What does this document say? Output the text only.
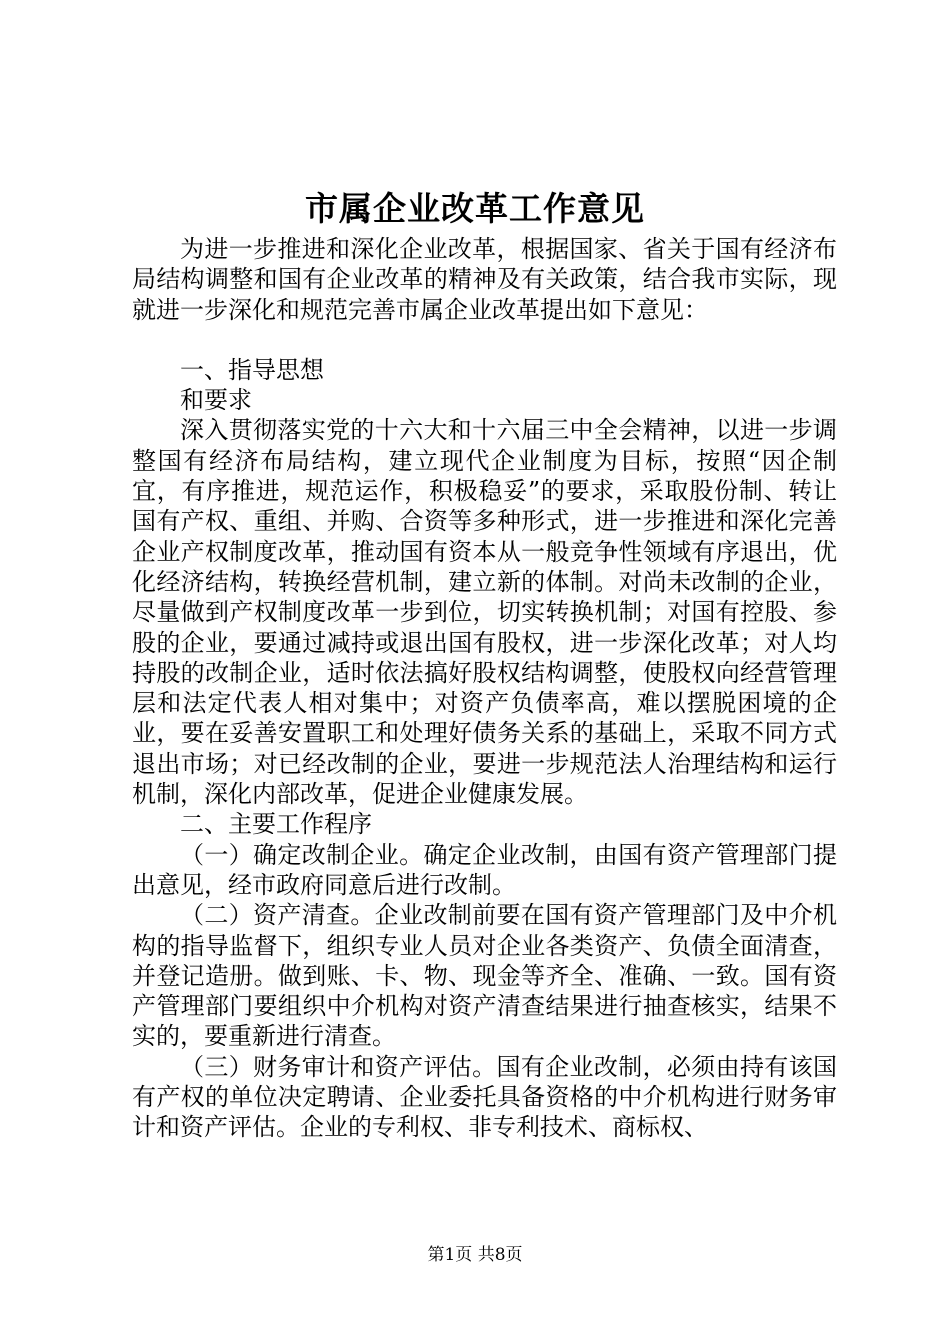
市属企业改革工作意见

为进一步推进和深化企业改革，根据国家、省关于国有经济布局结构调整和国有企业改革的精神及有关政策，结合我市实际，现就进一步深化和规范完善市属企业改革提出如下意见：

一、指导思想

和要求

深入贯彻落实党的十六大和十六届三中全会精神，以进一步调整国有经济布局结构，建立现代企业制度为目标，按照“因企制宜，有序推进，规范运作，积极稳妥”的要求，采取股份制、转让国有产权、重组、并购、合资等多种形式，进一步推进和深化完善企业产权制度改革，推动国有资本从一般竞争性领域有序退出，优化经济结构，转换经营机制，建立新的体制。对尚未改制的企业，尽量做到产权制度改革一步到位，切实转换机制；对国有控股、参股的企业，要通过减持或退出国有股权，进一步深化改革；对人均持股的改制企业，适时依法搞好股权结构调整，使股权向经营管理层和法定代表人相对集中；对资产负债率高，难以摆脱困境的企业，要在妥善安置职工和处理好债务关系的基础上，采取不同方式退出市场；对已经改制的企业，要进一步规范法人治理结构和运行机制，深化内部改革，促进企业健康发展。

二、主要工作程序

（一）确定改制企业。确定企业改制，由国有资产管理部门提出意见，经市政府同意后进行改制。

（二）资产清查。企业改制前要在国有资产管理部门及中介机构的指导监督下，组织专业人员对企业各类资产、负债全面清查，并登记造册。做到账、卡、物、现金等齐全、准确、一致。国有资产管理部门要组织中介机构对资产清查结果进行抽查核实，结果不实的，要重新进行清查。

（三）财务审计和资产评估。国有企业改制，必须由持有该国有产权的单位决定聘请、企业委托具备资格的中介机构进行财务审计和资产评估。企业的专利权、非专利技术、商标权、

第1页 共8页
